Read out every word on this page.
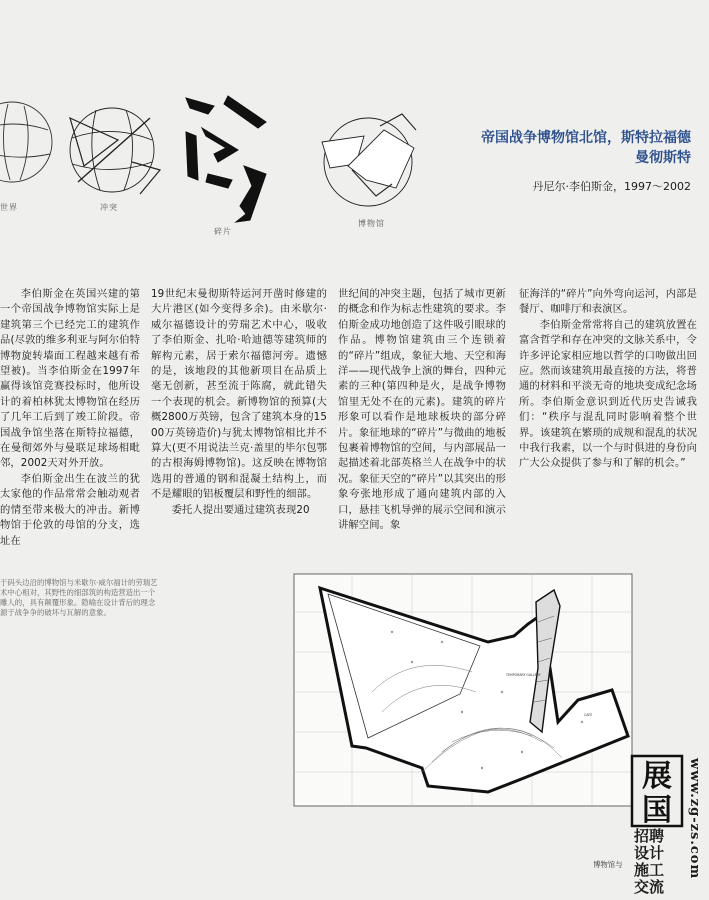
世界	冲突
碎片
博物馆
帝国战争博物馆北馆，斯特拉福德
曼彻斯特
丹尼尔·李伯斯金，1997～2002

李伯斯金在英国兴建的第一个帝国战争博物馆实际上是建筑第三个已经完工的建筑作品(尽敦的维多利亚与阿尔伯特博物旋转墙面工程越来越有希望被)。当李伯斯金在1997年赢得该馆竞赛投标时，他所设计的着柏林犹太博物馆在经历了几年工后到了竣工阶段。帝国战争馆坐落在斯特拉福德，在曼彻郊外与曼联足球场相毗邻，2002天对外开放。

李伯斯金出生在波兰的犹太家他的作品常常会触动观者的情至带来极大的冲击。新博物馆于伦敦的母馆的分支，选址在

19世纪末曼彻斯特运河开凿时修建的大片港区(如今变得多余)。由米歇尔·威尔福德设计的劳瑞艺术中心，吸收了李伯斯金、扎哈·哈迪德等建筑师的解构元素，居于索尔福德河旁。遗憾的是，该地段的其他新项目在品质上毫无创新，甚至流于陈腐，就此错失一个表现的机会。新博物馆的预算(大概2800万英镑，包含了建筑本身的1500万英镑造价)与犹太博物馆相比并不算大(更不用说法兰克·盖里的毕尔包鄂的古根海姆博物馆)。这反映在博物馆选用的普通的钢和混凝土结构上，而不是耀眼的铝板覆层和野性的细部。

委托人提出要通过建筑表现20

世纪间的冲突主题，包括了城市更新的概念和作为标志性建筑的要求。李伯斯金成功地创造了这件吸引眼球的作品。博物馆建筑由三个连锁着的“碎片”组成，象征大地、天空和海洋——现代战争上演的舞台，四种元素的三种(第四种是火，是战争博物馆里无处不在的元素)。建筑的碎片形象可以看作是地球板块的部分碎片。象征地球的“碎片”与微曲的地板包裹着博物馆的空间，与内部展品一起描述着北部英格兰人在战争中的状况。象征天空的“碎片”以其突出的形象夸张地形成了通向建筑内部的入口，悬挂飞机导弹的展示空间和演示讲解空间。象

征海洋的“碎片”向外弯向运河，内部是餐厅、咖啡厅和表演区。

李伯斯金常常将自己的建筑放置在富含哲学和存在冲突的文脉关系中，令许多评论家相应地以哲学的口吻做出回应。然而该建筑用最直接的方法，将普通的材料和平淡无奇的地块变成纪念场所。李伯斯金意识到近代历史告诫我们：“秩序与混乱同时影响着整个世界。该建筑在繁琐的成规和混乱的状况中我行我素，以一个与时俱进的身份向广大公众提供了参与和了解的机会。”

于码头边沿的博物馆与米歇尔·威尔福计的劳瑞艺术中心相对，其野性的细部筑的构造营造出一个雕人的，具有颠覆形象。隐喻在设计背后的理念源于战争争的破坏与瓦解的意象。
TEMPORARY GALLERY
CAFE
展
国 www.zg-zs.com
招聘
设计
施工
交流
博物馆与
